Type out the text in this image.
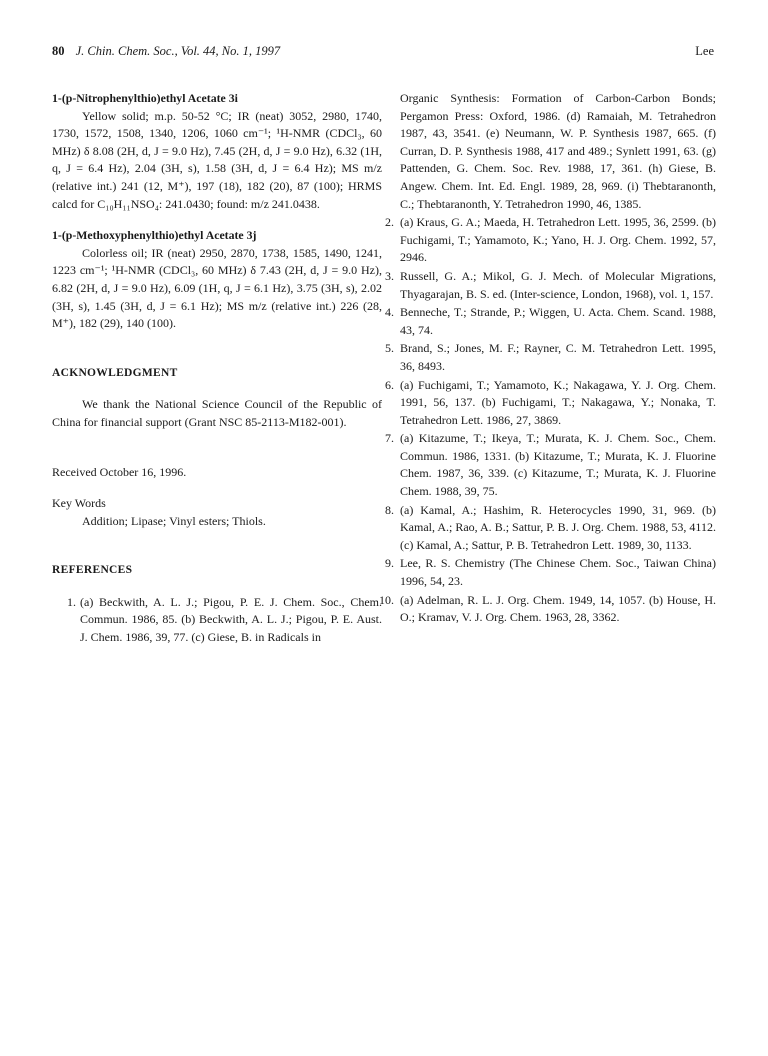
80 J. Chin. Chem. Soc., Vol. 44, No. 1, 1997	Lee

1-(p-Nitrophenylthio)ethyl Acetate 3i

Yellow solid; m.p. 50-52 °C; IR (neat) 3052, 2980, 1740, 1730, 1572, 1508, 1340, 1206, 1060 cm⁻¹; ¹H-NMR (CDCl₃, 60 MHz) δ 8.08 (2H, d, J = 9.0 Hz), 7.45 (2H, d, J = 9.0 Hz), 6.32 (1H, q, J = 6.4 Hz), 2.04 (3H, s), 1.58 (3H, d, J = 6.4 Hz); MS m/z (relative int.) 241 (12, M⁺), 197 (18), 182 (20), 87 (100); HRMS calcd for C₁₀H₁₁NSO₄: 241.0430; found: m/z 241.0438.

1-(p-Methoxyphenylthio)ethyl Acetate 3j

Colorless oil; IR (neat) 2950, 2870, 1738, 1585, 1490, 1241, 1223 cm⁻¹; ¹H-NMR (CDCl₃, 60 MHz) δ 7.43 (2H, d, J = 9.0 Hz), 6.82 (2H, d, J = 9.0 Hz), 6.09 (1H, q, J = 6.1 Hz), 3.75 (3H, s), 2.02 (3H, s), 1.45 (3H, d, J = 6.1 Hz); MS m/z (relative int.) 226 (28, M⁺), 182 (29), 140 (100).

ACKNOWLEDGMENT

We thank the National Science Council of the Republic of China for financial support (Grant NSC 85-2113-M182-001).

Received October 16, 1996.

Key Words

Addition; Lipase; Vinyl esters; Thiols.

REFERENCES

1. (a) Beckwith, A. L. J.; Pigou, P. E. J. Chem. Soc., Chem. Commun. 1986, 85. (b) Beckwith, A. L. J.; Pigou, P. E. Aust. J. Chem. 1986, 39, 77. (c) Giese, B. in Radicals in
Organic Synthesis: Formation of Carbon-Carbon Bonds; Pergamon Press: Oxford, 1986. (d) Ramaiah, M. Tetrahedron 1987, 43, 3541. (e) Neumann, W. P. Synthesis 1987, 665. (f) Curran, D. P. Synthesis 1988, 417 and 489.; Synlett 1991, 63. (g) Pattenden, G. Chem. Soc. Rev. 1988, 17, 361. (h) Giese, B. Angew. Chem. Int. Ed. Engl. 1989, 28, 969. (i) Thebtaranonth, C.; Thebtaranonth, Y. Tetrahedron 1990, 46, 1385.
2. (a) Kraus, G. A.; Maeda, H. Tetrahedron Lett. 1995, 36, 2599. (b) Fuchigami, T.; Yamamoto, K.; Yano, H. J. Org. Chem. 1992, 57, 2946.
3. Russell, G. A.; Mikol, G. J. Mech. of Molecular Migrations, Thyagarajan, B. S. ed. (Inter-science, London, 1968), vol. 1, 157.
4. Benneche, T.; Strande, P.; Wiggen, U. Acta. Chem. Scand. 1988, 43, 74.
5. Brand, S.; Jones, M. F.; Rayner, C. M. Tetrahedron Lett. 1995, 36, 8493.
6. (a) Fuchigami, T.; Yamamoto, K.; Nakagawa, Y. J. Org. Chem. 1991, 56, 137. (b) Fuchigami, T.; Nakagawa, Y.; Nonaka, T. Tetrahedron Lett. 1986, 27, 3869.
7. (a) Kitazume, T.; Ikeya, T.; Murata, K. J. Chem. Soc., Chem. Commun. 1986, 1331. (b) Kitazume, T.; Murata, K. J. Fluorine Chem. 1987, 36, 339. (c) Kitazume, T.; Murata, K. J. Fluorine Chem. 1988, 39, 75.
8. (a) Kamal, A.; Hashim, R. Heterocycles 1990, 31, 969. (b) Kamal, A.; Rao, A. B.; Sattur, P. B. J. Org. Chem. 1988, 53, 4112. (c) Kamal, A.; Sattur, P. B. Tetrahedron Lett. 1989, 30, 1133.
9. Lee, R. S. Chemistry (The Chinese Chem. Soc., Taiwan China) 1996, 54, 23.
10. (a) Adelman, R. L. J. Org. Chem. 1949, 14, 1057. (b) House, H. O.; Kramav, V. J. Org. Chem. 1963, 28, 3362.
